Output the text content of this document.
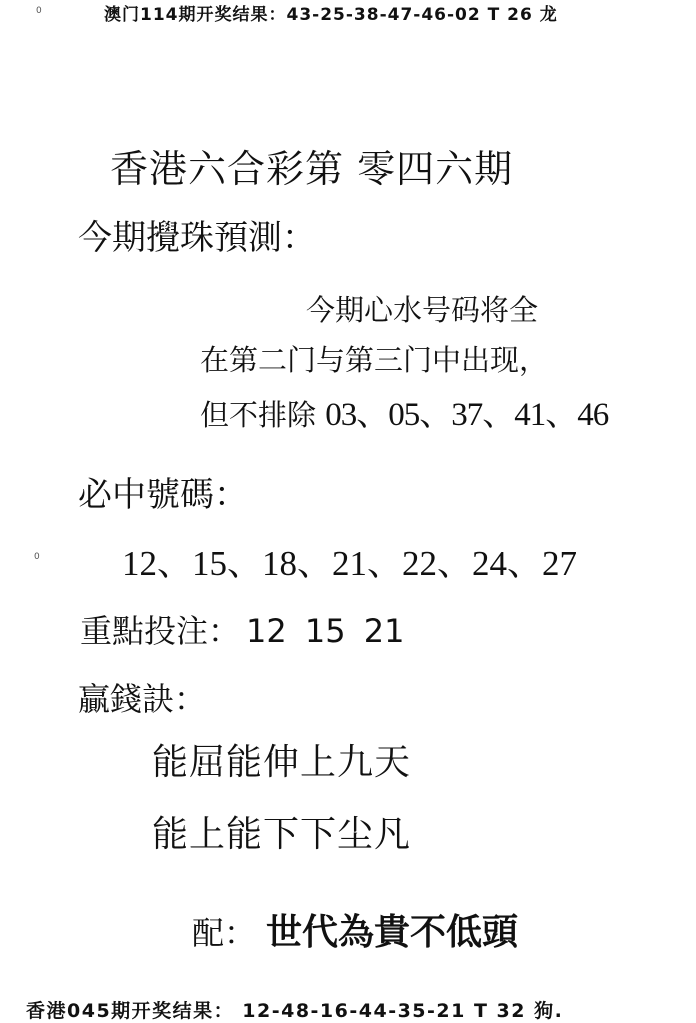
0	澳门114期开奖结果：43-25-38-47-46-02 T 26 龙
香港六合彩第 零四六期
今期攪珠預測：
今期心水号码将全
在第二门与第三门中出现，
但不排除 03、05、37、41、46
必中號碼：
0 12、15、18、21、22、24、27
重點投注： 12 15 21
贏錢訣：
能屈能伸上九天
能上能下下尘凡
配： 世代為貴不低頭
香港045期开奖结果： 12-48-16-44-35-21 T 32 狗.
